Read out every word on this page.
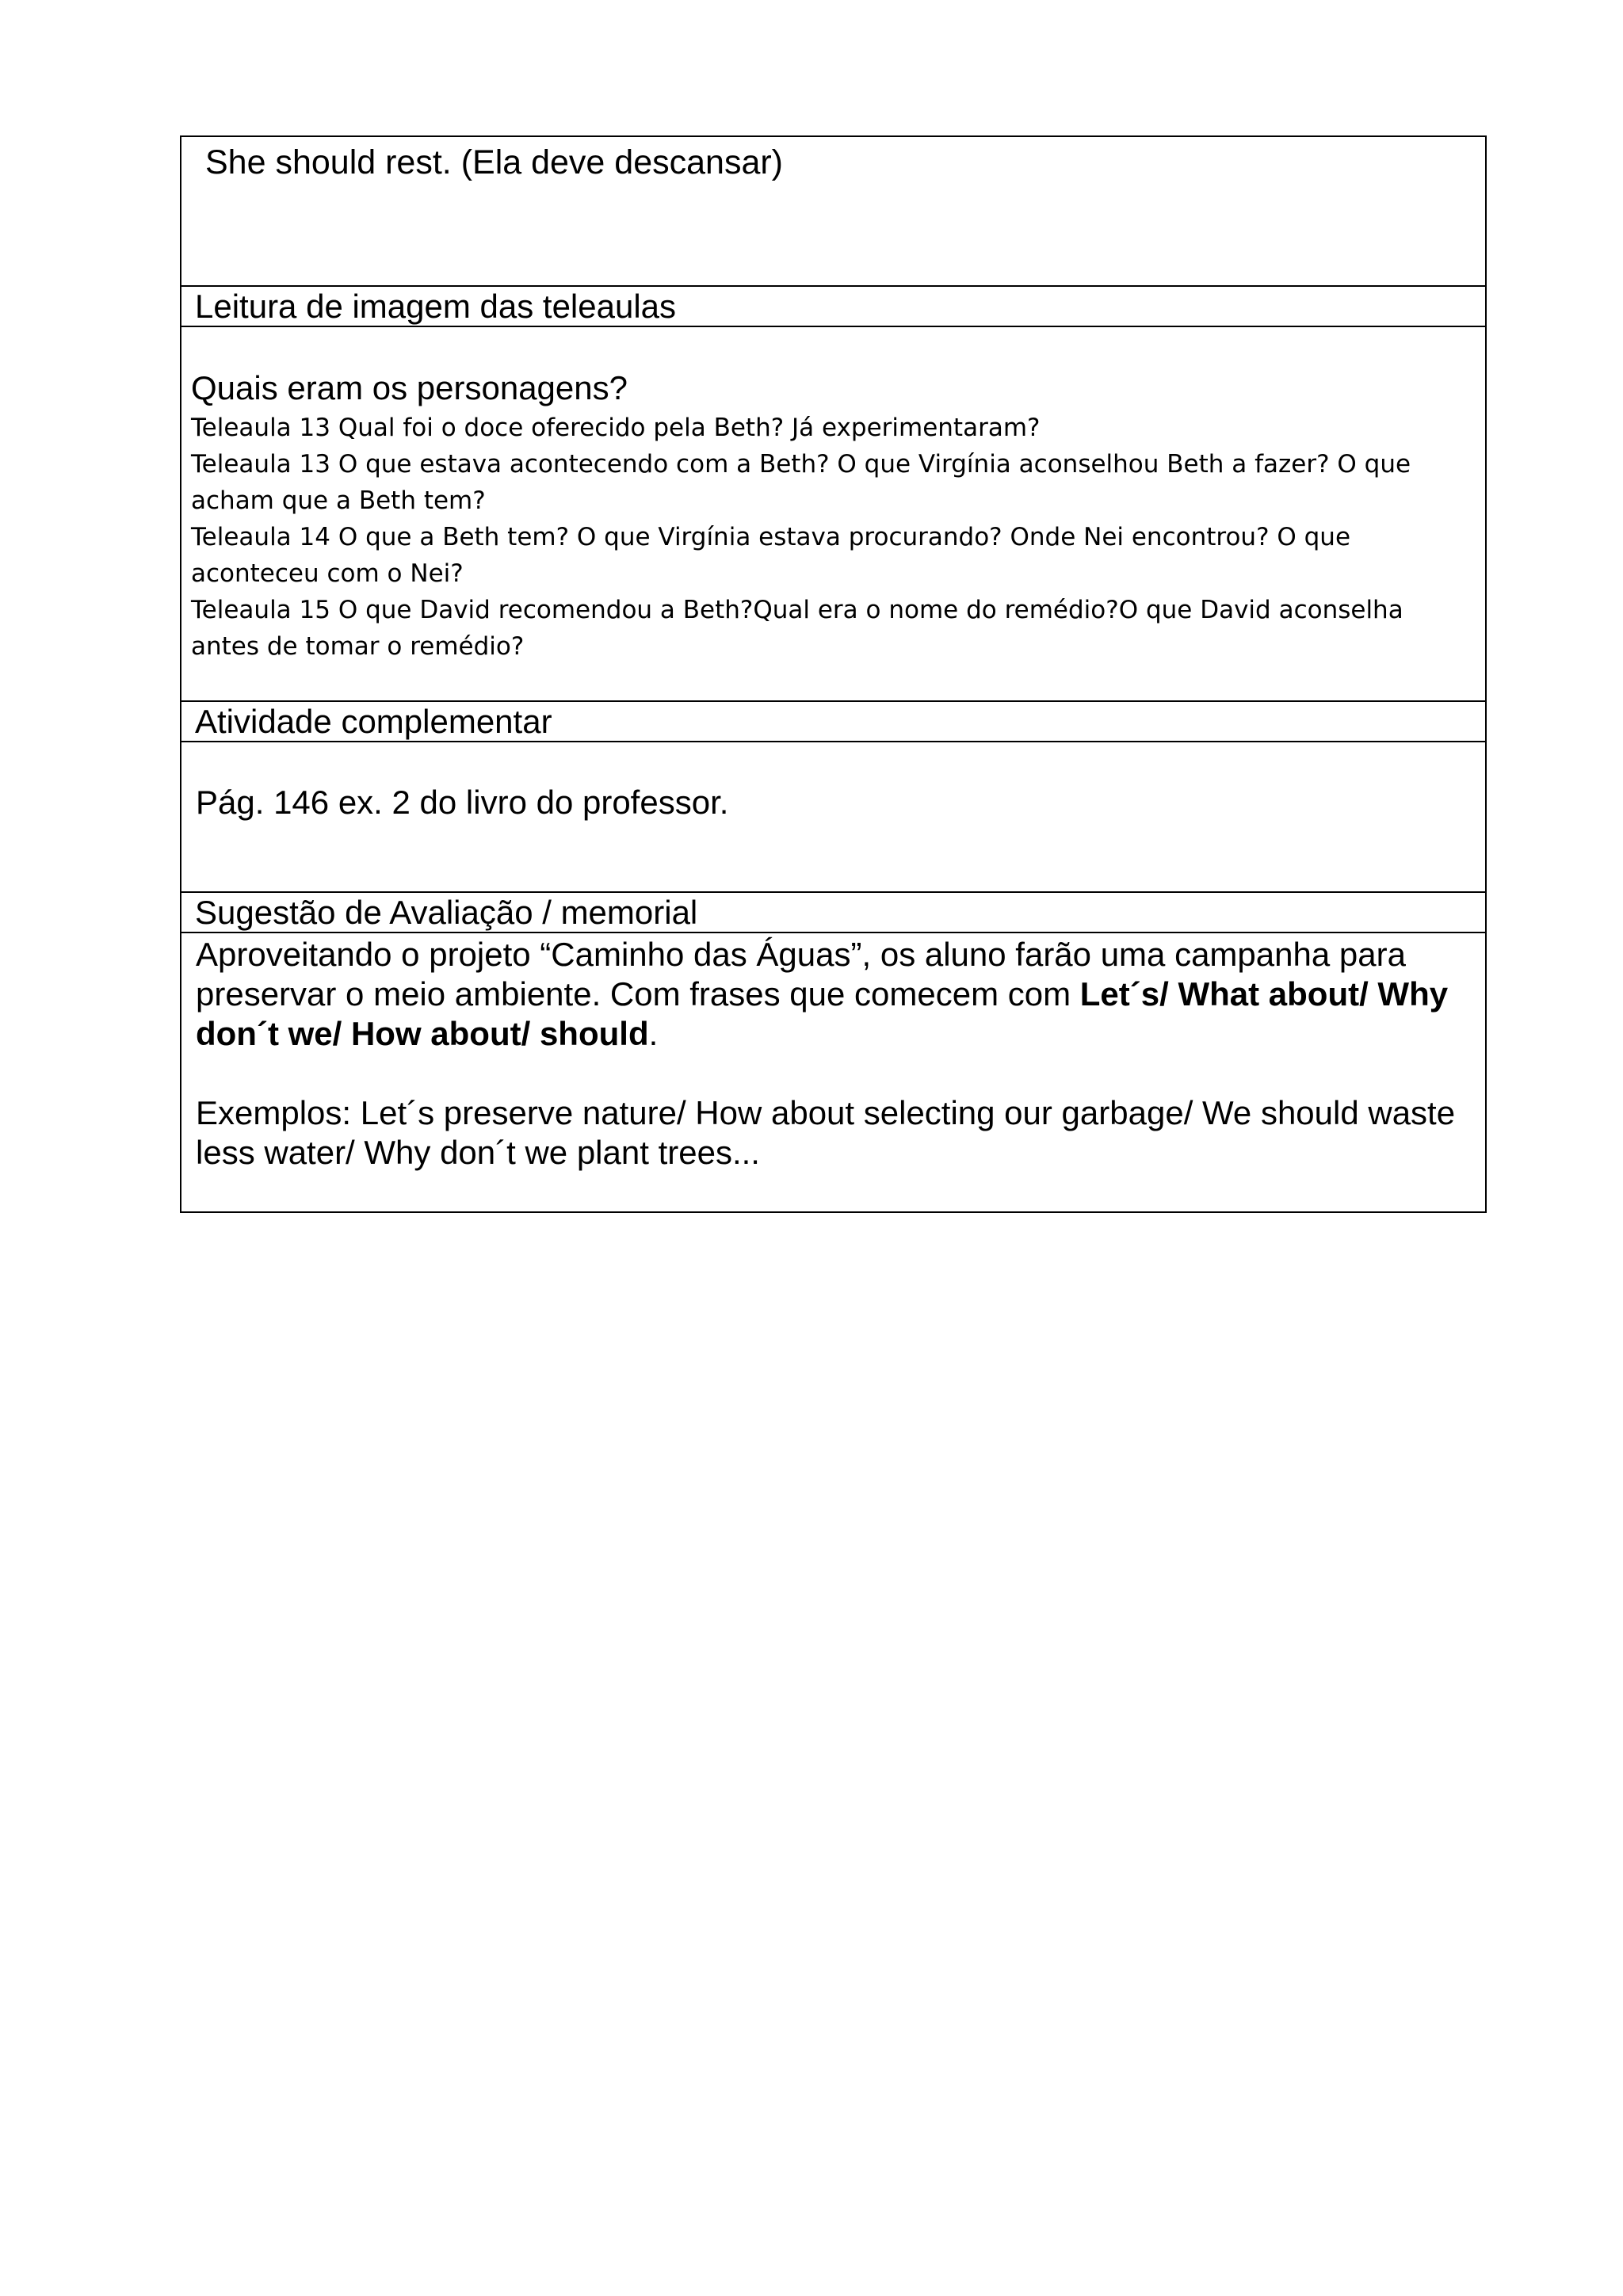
She should rest. (Ela deve descansar)
Leitura de imagem das teleaulas
Quais eram os personagens?
Teleaula 13 Qual foi o doce oferecido pela Beth? Já experimentaram?
Teleaula 13 O que estava acontecendo com a Beth? O que Virgínia aconselhou Beth a fazer? O que acham que a Beth tem?
Teleaula 14 O que a Beth tem? O que Virgínia estava procurando? Onde Nei encontrou? O que aconteceu com o Nei?
Teleaula 15 O que David recomendou a Beth?Qual era o nome do remédio?O que David aconselha antes de tomar o remédio?
Atividade complementar
Pág. 146 ex. 2 do livro do professor.
Sugestão de Avaliação / memorial

Aproveitando o projeto “Caminho das Águas”, os aluno farão uma campanha para preservar o meio ambiente. Com frases que comecem com Let´s/ What about/ Why don´t we/ How about/ should.

Exemplos: Let´s preserve nature/ How about selecting our garbage/ We should waste less water/ Why don´t we plant trees...
